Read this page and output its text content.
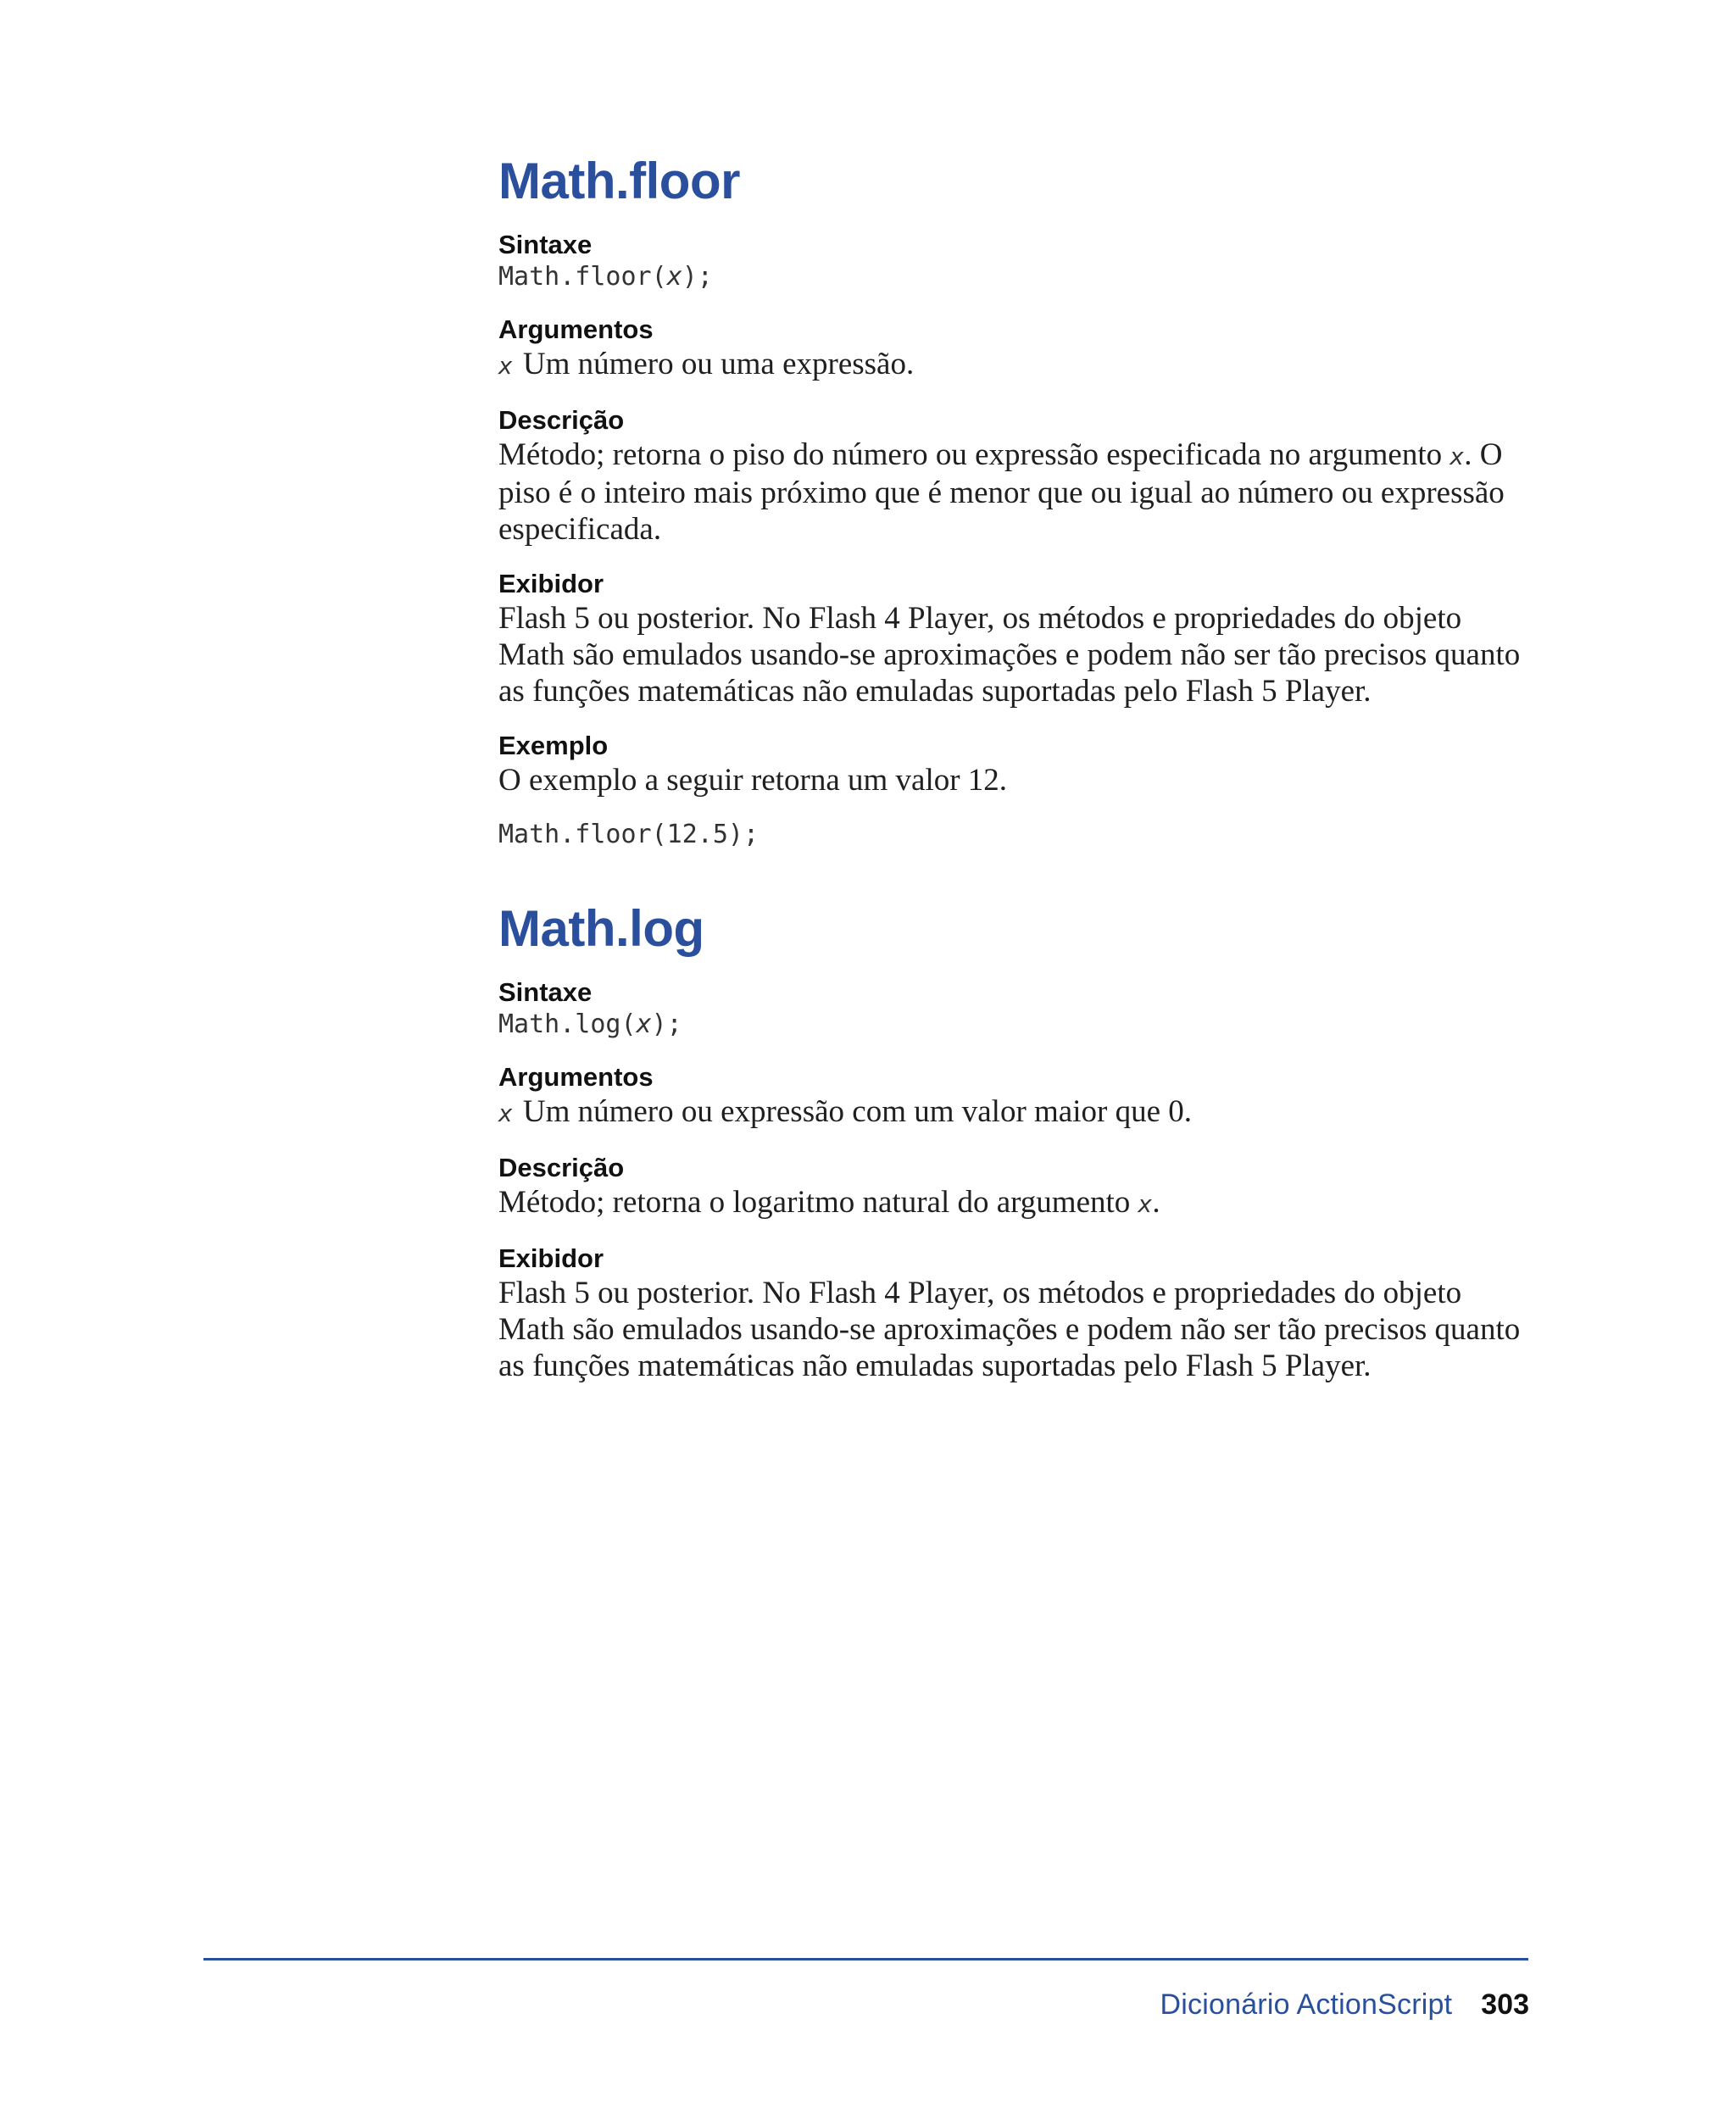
Math.floor

Sintaxe

Math.floor(x);

Argumentos

x Um número ou uma expressão.

Descrição

Método; retorna o piso do número ou expressão especificada no argumento x. O piso é o inteiro mais próximo que é menor que ou igual ao número ou expressão especificada.

Exibidor

Flash 5 ou posterior. No Flash 4 Player, os métodos e propriedades do objeto Math são emulados usando-se aproximações e podem não ser tão precisos quanto as funções matemáticas não emuladas suportadas pelo Flash 5 Player.

Exemplo

O exemplo a seguir retorna um valor 12.

Math.floor(12.5);

Math.log

Sintaxe

Math.log(x);

Argumentos

x Um número ou expressão com um valor maior que 0.

Descrição

Método; retorna o logaritmo natural do argumento x.

Exibidor

Flash 5 ou posterior. No Flash 4 Player, os métodos e propriedades do objeto Math são emulados usando-se aproximações e podem não ser tão precisos quanto as funções matemáticas não emuladas suportadas pelo Flash 5 Player.

Dicionário ActionScript 303
